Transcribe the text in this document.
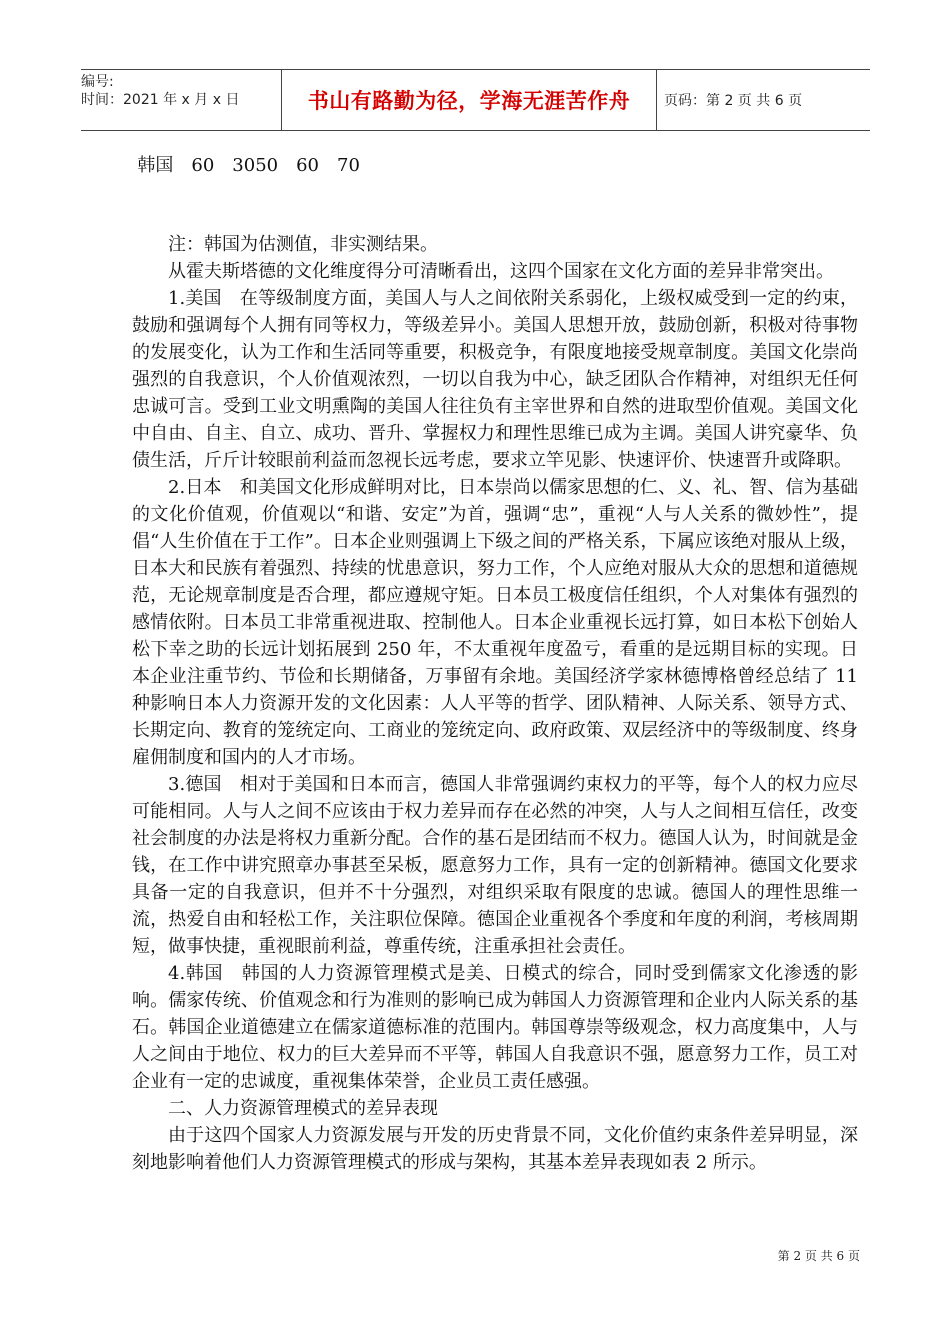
编号:
时间：2021 年 x 月 x 日	书山有路勤为径，学海无涯苦作舟 页码：第 2 页 共 6 页

韩国　60　3050　60　70

注：韩国为估测值，非实测结果。

从霍夫斯塔德的文化维度得分可清晰看出，这四个国家在文化方面的差异非常突出。

1.美国　在等级制度方面，美国人与人之间依附关系弱化，上级权威受到一定的约束，鼓励和强调每个人拥有同等权力，等级差异小。美国人思想开放，鼓励创新，积极对待事物的发展变化，认为工作和生活同等重要，积极竞争，有限度地接受规章制度。美国文化崇尚强烈的自我意识，个人价值观浓烈，一切以自我为中心，缺乏团队合作精神，对组织无任何忠诚可言。受到工业文明熏陶的美国人往往负有主宰世界和自然的进取型价值观。美国文化中自由、自主、自立、成功、晋升、掌握权力和理性思维已成为主调。美国人讲究豪华、负债生活，斤斤计较眼前利益而忽视长远考虑，要求立竿见影、快速评价、快速晋升或降职。

2.日本　和美国文化形成鲜明对比，日本崇尚以儒家思想的仁、义、礼、智、信为基础的文化价值观，价值观以“和谐、安定”为首，强调“忠”，重视“人与人关系的微妙性”，提倡“人生价值在于工作”。日本企业则强调上下级之间的严格关系，下属应该绝对服从上级，日本大和民族有着强烈、持续的忧患意识，努力工作，个人应绝对服从大众的思想和道德规范，无论规章制度是否合理，都应遵规守矩。日本员工极度信任组织，个人对集体有强烈的感情依附。日本员工非常重视进取、控制他人。日本企业重视长远打算，如日本松下创始人松下幸之助的长远计划拓展到 250 年，不太重视年度盈亏，看重的是远期目标的实现。日本企业注重节约、节俭和长期储备，万事留有余地。美国经济学家林德博格曾经总结了 11 种影响日本人力资源开发的文化因素：人人平等的哲学、团队精神、人际关系、领导方式、长期定向、教育的笼统定向、工商业的笼统定向、政府政策、双层经济中的等级制度、终身雇佣制度和国内的人才市场。

3.德国　相对于美国和日本而言，德国人非常强调约束权力的平等，每个人的权力应尽可能相同。人与人之间不应该由于权力差异而存在必然的冲突，人与人之间相互信任，改变社会制度的办法是将权力重新分配。合作的基石是团结而不权力。德国人认为，时间就是金钱，在工作中讲究照章办事甚至呆板，愿意努力工作，具有一定的创新精神。德国文化要求具备一定的自我意识，但并不十分强烈，对组织采取有限度的忠诚。德国人的理性思维一流，热爱自由和轻松工作，关注职位保障。德国企业重视各个季度和年度的利润，考核周期短，做事快捷，重视眼前利益，尊重传统，注重承担社会责任。

4.韩国　韩国的人力资源管理模式是美、日模式的综合，同时受到儒家文化渗透的影响。儒家传统、价值观念和行为准则的影响已成为韩国人力资源管理和企业内人际关系的基石。韩国企业道德建立在儒家道德标准的范围内。韩国尊崇等级观念，权力高度集中，人与人之间由于地位、权力的巨大差异而不平等，韩国人自我意识不强，愿意努力工作，员工对企业有一定的忠诚度，重视集体荣誉，企业员工责任感强。

二、人力资源管理模式的差异表现

由于这四个国家人力资源发展与开发的历史背景不同，文化价值约束条件差异明显，深刻地影响着他们人力资源管理模式的形成与架构，其基本差异表现如表 2 所示。

第 2 页 共 6 页
